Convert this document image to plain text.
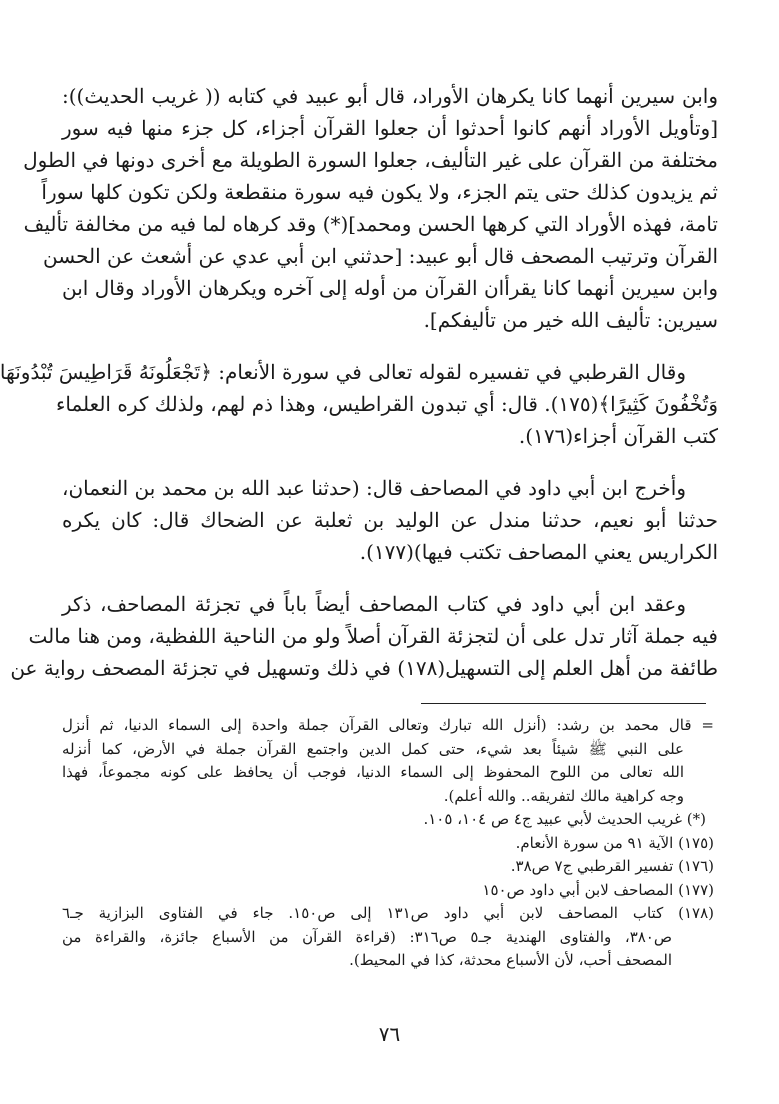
وابن سيرين أنهما كانا يكرهان الأوراد، قال أبو عبيد في كتابه (( غريب الحديث)):
[وتأويل الأوراد أنهم كانوا أحدثوا أن جعلوا القرآن أجزاء، كل جزء منها فيه سور
مختلفة من القرآن على غير التأليف، جعلوا السورة الطويلة مع أخرى دونها في الطول
ثم يزيدون كذلك حتى يتم الجزء، ولا يكون فيه سورة منقطعة ولكن تكون كلها سوراً
تامة، فهذه الأوراد التي كرهها الحسن ومحمد](*) وقد كرهاه لما فيه من مخالفة تأليف
القرآن وترتيب المصحف قال أبو عبيد: [حدثني ابن أبي عدي عن أشعث عن الحسن
وابن سيرين أنهما كانا يقرأان القرآن من أوله إلى آخره ويكرهان الأوراد وقال ابن
سيرين: تأليف الله خير من تأليفكم].
وقال القرطبي في تفسيره لقوله تعالى في سورة الأنعام: ﴿تَجْعَلُونَهُ قَرَاطِيسَ تُبْدُونَهَا
وَتُخْفُونَ كَثِيرًا﴾(١٧٥). قال: أي تبدون القراطيس، وهذا ذم لهم، ولذلك كره العلماء
كتب القرآن أجزاء(١٧٦).
وأخرج ابن أبي داود في المصاحف قال: (حدثنا عبد الله بن محمد بن النعمان،
حدثنا أبو نعيم، حدثنا مندل عن الوليد بن ثعلبة عن الضحاك قال: كان يكره
الكراريس يعني المصاحف تكتب فيها)(١٧٧).
وعقد ابن أبي داود في كتاب المصاحف أيضاً باباً في تجزئة المصاحف، ذكر
فيه جملة آثار تدل على أن لتجزئة القرآن أصلاً ولو من الناحية اللفظية، ومن هنا مالت
طائفة من أهل العلم إلى التسهيل(١٧٨) في ذلك وتسهيل في تجزئة المصحف رواية عن
= قال محمد بن رشد: (أنزل الله تبارك وتعالى القرآن جملة واحدة إلى السماء الدنيا، ثم أنزل
على النبي ﷺ شيئاً بعد شيء، حتى كمل الدين واجتمع القرآن جملة في الأرض، كما أنزله
الله تعالى من اللوح المحفوظ إلى السماء الدنيا، فوجب أن يحافظ على كونه مجموعاً، فهذا
وجه كراهية مالك لتفريقه.. والله أعلم).
(*) غريب الحديث لأبي عبيد ج٤ ص ١٠٤، ١٠٥.
(١٧٥) الآية ٩١ من سورة الأنعام.
(١٧٦) تفسير القرطبي ج٧ ص٣٨.
(١٧٧) المصاحف لابن أبي داود ص١٥٠
(١٧٨) كتاب المصاحف لابن أبي داود ص١٣١ إلى ص١٥٠. جاء في الفتاوى البزازية جـ٦
ص٣٨٠، والفتاوى الهندية جـ٥ ص٣١٦: (قراءة القرآن من الأسباع جائزة، والقراءة من
المصحف أحب، لأن الأسباع محدثة، كذا في المحيط).
٧٦
